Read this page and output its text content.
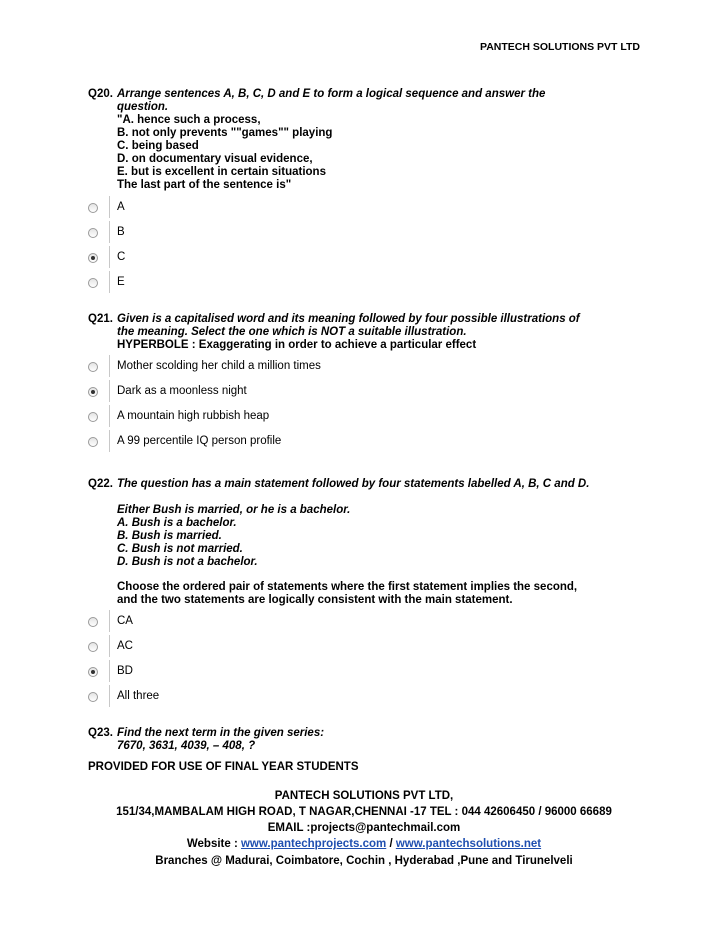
PANTECH SOLUTIONS PVT LTD
Q20. Arrange sentences A, B, C, D and E to form a logical sequence and answer the
question.
"A. hence such a process,
B. not only prevents ""games"" playing
C. being based
D. on documentary visual evidence,
E. but is excellent in certain situations
The last part of the sentence is"
A
B
C
E
Q21. Given is a capitalised word and its meaning followed by four possible illustrations of
the meaning. Select the one which is NOT a suitable illustration.
HYPERBOLE : Exaggerating in order to achieve a particular effect
Mother scolding her child a million times
Dark as a moonless night
A mountain high rubbish heap
A 99 percentile IQ person profile
Q22. The question has a main statement followed by four statements labelled A, B, C and D.
Either Bush is married, or he is a bachelor.
A. Bush is a bachelor.
B. Bush is married.
C. Bush is not married.
D. Bush is not a bachelor.
Choose the ordered pair of statements where the first statement implies the second,
and the two statements are logically consistent with the main statement.
CA
AC
BD
All three
Q23. Find the next term in the given series:
7670, 3631, 4039, – 408, ?
PROVIDED FOR USE OF FINAL YEAR STUDENTS
PANTECH SOLUTIONS PVT LTD,
151/34,MAMBALAM HIGH ROAD, T NAGAR,CHENNAI -17 TEL : 044 42606450 / 96000 66689
EMAIL :projects@pantechmail.com
Website : www.pantechprojects.com / www.pantechsolutions.net
Branches @ Madurai, Coimbatore, Cochin , Hyderabad ,Pune and Tirunelveli
